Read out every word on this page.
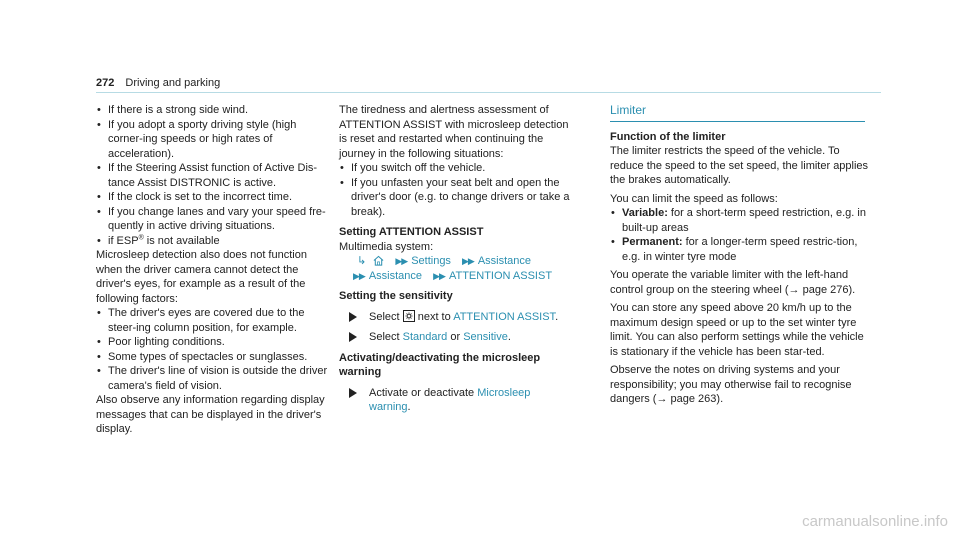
272 Driving and parking

• If there is a strong side wind.

• If you adopt a sporty driving style (high corner-ing speeds or high rates of acceleration).

• If the Steering Assist function of Active Dis-tance Assist DISTRONIC is active.

• If the clock is set to the incorrect time.

• If you change lanes and vary your speed fre-quently in active driving situations.

• if ESP® is not available

Microsleep detection also does not function when the driver camera cannot detect the driver's eyes, for example as a result of the following factors:

• The driver's eyes are covered due to the steer-ing column position, for example.

• Poor lighting conditions.

• Some types of spectacles or sunglasses.

• The driver's line of vision is outside the driver camera's field of vision.

Also observe any information regarding display messages that can be displayed in the driver's display.

The tiredness and alertness assessment of ATTENTION ASSIST with microsleep detection is reset and restarted when continuing the journey in the following situations:

• If you switch off the vehicle.

• If you unfasten your seat belt and open the driver's door (e.g. to change drivers or take a break).

Setting ATTENTION ASSIST

Multimedia system:

↳	▶▶ Settings ▶▶ Assistance

▶▶ Assistance ▶▶ ATTENTION ASSIST

Setting the sensitivity

Select  next to ATTENTION ASSIST.

Select Standard or Sensitive.

Activating/deactivating the microsleep warning

Activate or deactivate Microsleep warning.

Limiter

Function of the limiter

The limiter restricts the speed of the vehicle. To reduce the speed to the set speed, the limiter applies the brakes automatically.

You can limit the speed as follows:

• Variable: for a short-term speed restriction, e.g. in built-up areas

• Permanent: for a longer-term speed restric-tion, e.g. in winter tyre mode

You operate the variable limiter with the left-hand control group on the steering wheel (→ page 276).

You can store any speed above 20 km/h up to the maximum design speed or up to the set winter tyre limit. You can also perform settings while the vehicle is stationary if the vehicle has been star-ted.

Observe the notes on driving systems and your responsibility; you may otherwise fail to recognise dangers (→ page 263).

carmanualsonline.info
